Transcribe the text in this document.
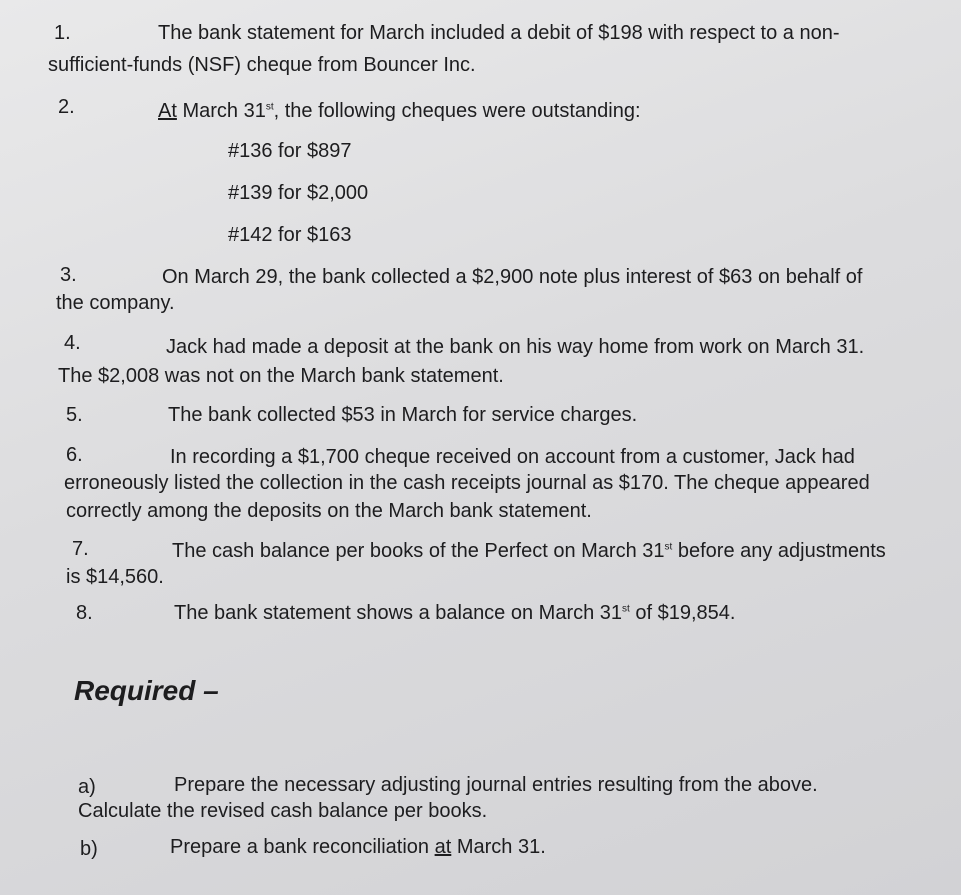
1.	The bank statement for March included a debit of $198 with respect to a non-
sufficient-funds (NSF) cheque from Bouncer Inc.
2.	At March 31st, the following cheques were outstanding:
#136 for $897
#139 for $2,000
#142 for $163
3.	On March 29, the bank collected a $2,900 note plus interest of $63 on behalf of
the company.
4.	Jack had made a deposit at the bank on his way home from work on March 31.
The $2,008 was not on the March bank statement.
5.	The bank collected $53 in March for service charges.
6.	In recording a $1,700 cheque received on account from a customer, Jack had
erroneously listed the collection in the cash receipts journal as $170. The cheque appeared
correctly among the deposits on the March bank statement.
7.	The cash balance per books of the Perfect on March 31st before any adjustments
is $14,560.
8.	The bank statement shows a balance on March 31st of $19,854.
Required –
a)	Prepare the necessary adjusting journal entries resulting from the above.
Calculate the revised cash balance per books.
b)	Prepare a bank reconciliation at March 31.
